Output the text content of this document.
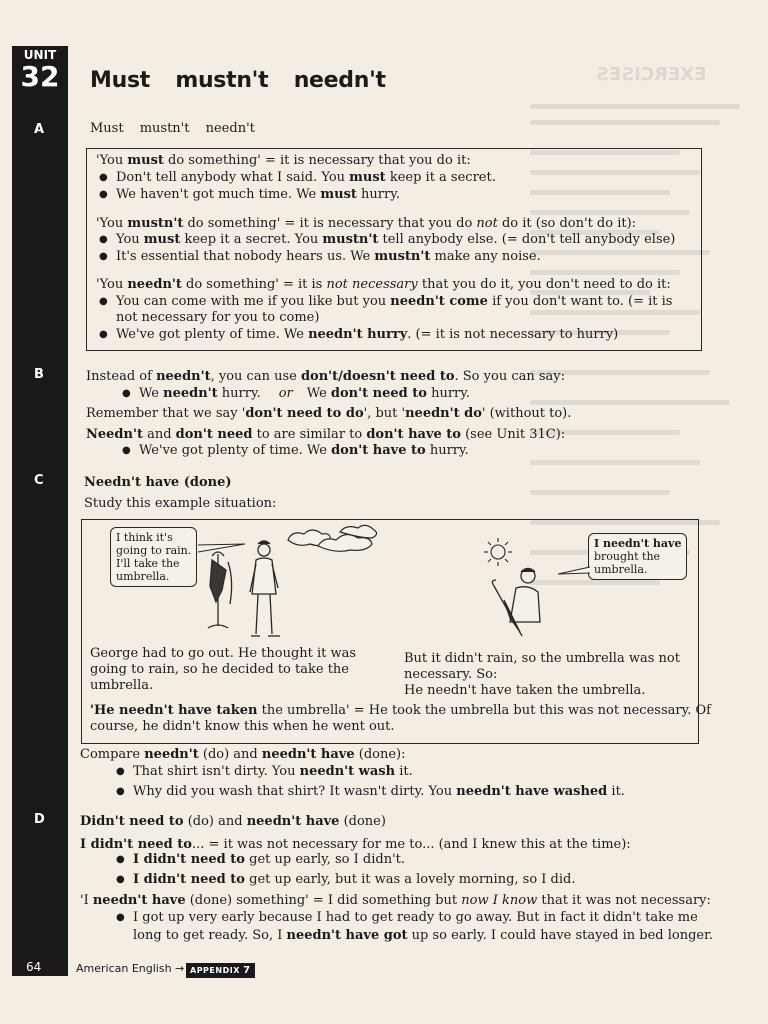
EXERCISES
UNIT
32
A
B
C
D
64
Must mustn't needn't
Must mustn't needn't
'You must do something' = it is necessary that you do it:
● Don't tell anybody what I said. You must keep it a secret.
● We haven't got much time. We must hurry.
'You mustn't do something' = it is necessary that you do not do it (so don't do it):
● You must keep it a secret. You mustn't tell anybody else. (= don't tell anybody else)
● It's essential that nobody hears us. We mustn't make any noise.
'You needn't do something' = it is not necessary that you do it, you don't need to do it:
● You can come with me if you like but you needn't come if you don't want to. (= it is
not necessary for you to come)
● We've got plenty of time. We needn't hurry. (= it is not necessary to hurry)
Instead of needn't, you can use don't/doesn't need to. So you can say:
● We needn't hurry. or We don't need to hurry.
Remember that we say 'don't need to do', but 'needn't do' (without to).
Needn't and don't need to are similar to don't have to (see Unit 31C):
● We've got plenty of time. We don't have to hurry.
Needn't have (done)
Study this example situation:
I think it's
going to rain.
I'll take the
umbrella.
I needn't have
brought the
umbrella.
George had to go out. He thought it was
going to rain, so he decided to take the
umbrella.
But it didn't rain, so the umbrella was not
necessary. So:
He needn't have taken the umbrella.
'He needn't have taken the umbrella' = He took the umbrella but this was not necessary. Of
course, he didn't know this when he went out.
Compare needn't (do) and needn't have (done):
● That shirt isn't dirty. You needn't wash it.
● Why did you wash that shirt? It wasn't dirty. You needn't have washed it.
Didn't need to (do) and needn't have (done)
I didn't need to... = it was not necessary for me to... (and I knew this at the time):
● I didn't need to get up early, so I didn't.
● I didn't need to get up early, but it was a lovely morning, so I did.
'I needn't have (done) something' = I did something but now I know that it was not necessary:
● I got up very early because I had to get ready to go away. But in fact it didn't take me
long to get ready. So, I needn't have got up so early. I could have stayed in bed longer.
American English → APPENDIX 7
